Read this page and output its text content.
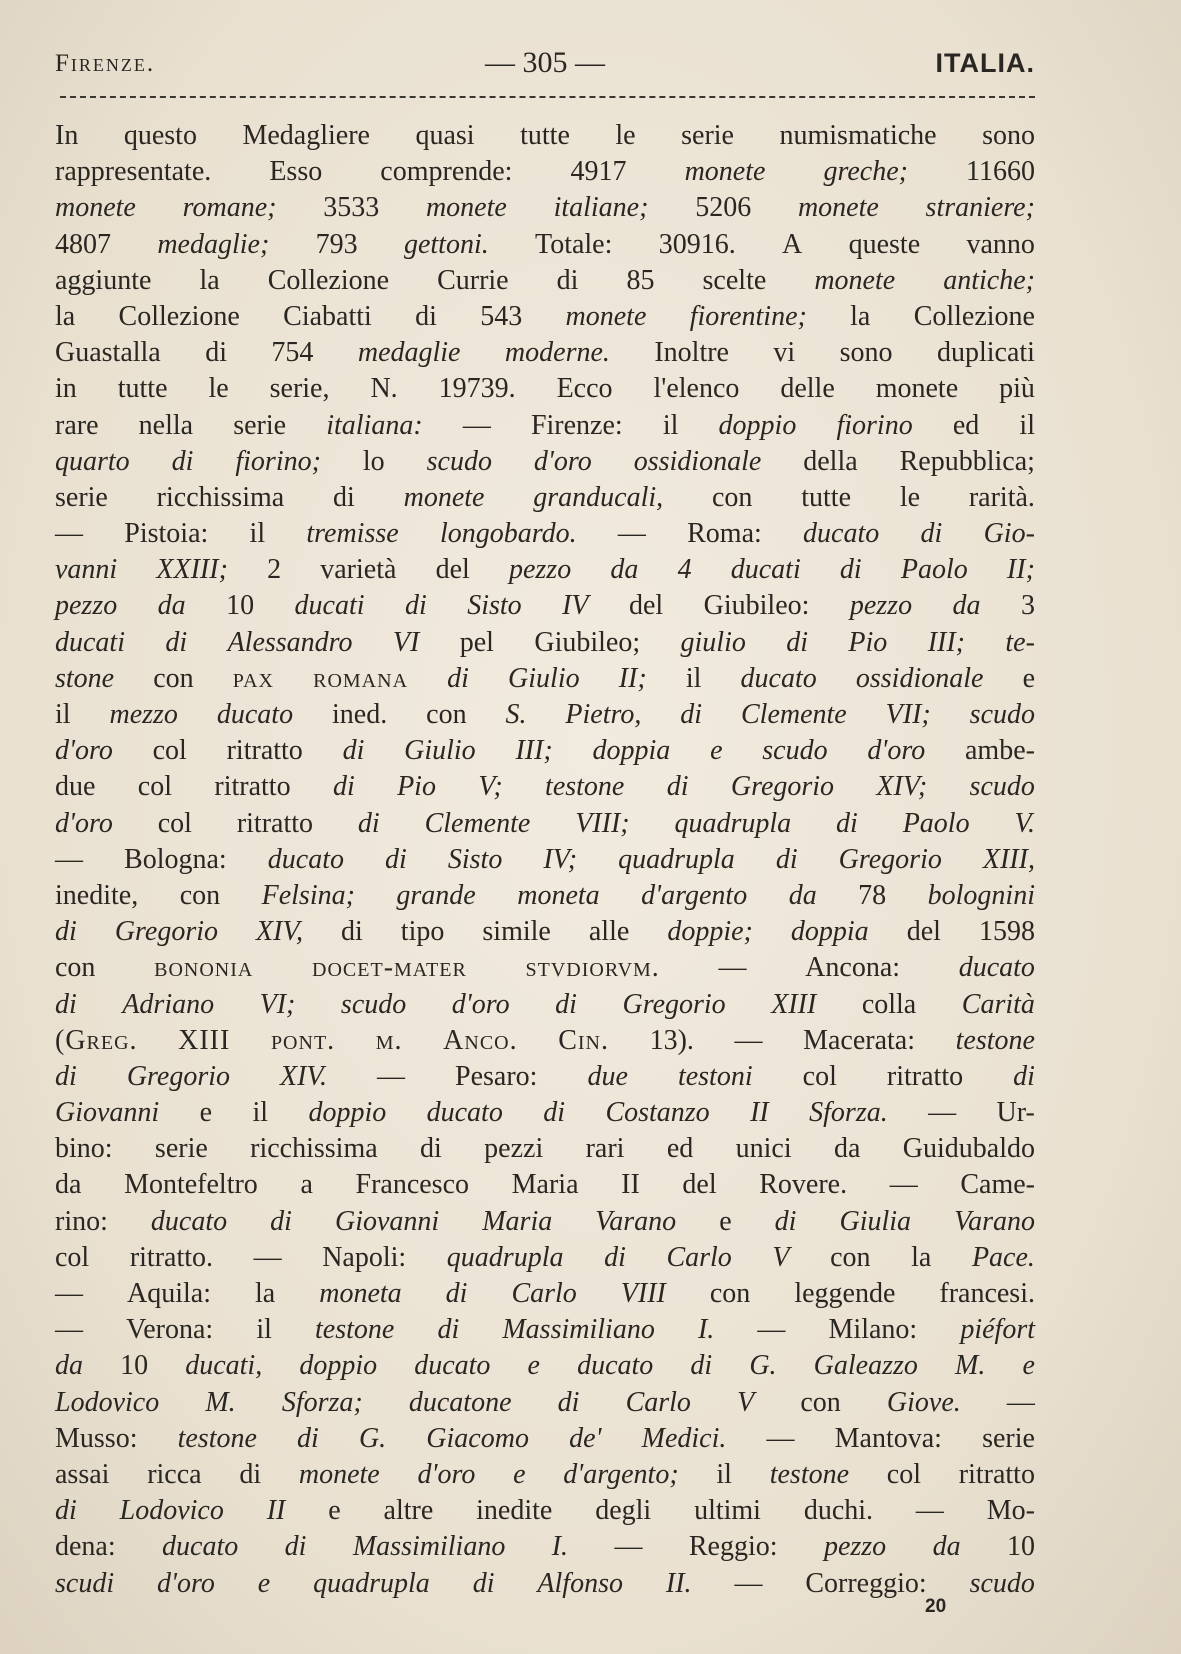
Firenze.	— 305 —	ITALIA.
In questo Medagliere quasi tutte le serie numismatiche sono
rappresentate. Esso comprende: 4917 monete greche; 11660
monete romane; 3533 monete italiane; 5206 monete straniere;
4807 medaglie; 793 gettoni. Totale: 30916. A queste vanno
aggiunte la Collezione Currie di 85 scelte monete antiche;
la Collezione Ciabatti di 543 monete fiorentine; la Collezione
Guastalla di 754 medaglie moderne. Inoltre vi sono duplicati
in tutte le serie, N. 19739. Ecco l'elenco delle monete più
rare nella serie italiana: — Firenze: il doppio fiorino ed il
quarto di fiorino; lo scudo d'oro ossidionale della Repubblica;
serie ricchissima di monete granducali, con tutte le rarità.
— Pistoia: il tremisse longobardo. — Roma: ducato di Gio-
vanni XXIII; 2 varietà del pezzo da 4 ducati di Paolo II;
pezzo da 10 ducati di Sisto IV del Giubileo: pezzo da 3
ducati di Alessandro VI pel Giubileo; giulio di Pio III; te-
stone con pax romana di Giulio II; il ducato ossidionale e
il mezzo ducato ined. con S. Pietro, di Clemente VII; scudo
d'oro col ritratto di Giulio III; doppia e scudo d'oro ambe-
due col ritratto di Pio V; testone di Gregorio XIV; scudo
d'oro col ritratto di Clemente VIII; quadrupla di Paolo V.
— Bologna: ducato di Sisto IV; quadrupla di Gregorio XIII,
inedite, con Felsina; grande moneta d'argento da 78 bolognini
di Gregorio XIV, di tipo simile alle doppie; doppia del 1598
con bononia docet-mater stvdiorvm. — Ancona: ducato
di Adriano VI; scudo d'oro di Gregorio XIII colla Carità
(Greg. XIII pont. m. Anco. Cin. 13). — Macerata: testone
di Gregorio XIV. — Pesaro: due testoni col ritratto di
Giovanni e il doppio ducato di Costanzo II Sforza. — Ur-
bino: serie ricchissima di pezzi rari ed unici da Guidubaldo
da Montefeltro a Francesco Maria II del Rovere. — Came-
rino: ducato di Giovanni Maria Varano e di Giulia Varano
col ritratto. — Napoli: quadrupla di Carlo V con la Pace.
— Aquila: la moneta di Carlo VIII con leggende francesi.
— Verona: il testone di Massimiliano I. — Milano: piéfort
da 10 ducati, doppio ducato e ducato di G. Galeazzo M. e
Lodovico M. Sforza; ducatone di Carlo V con Giove. —
Musso: testone di G. Giacomo de' Medici. — Mantova: serie
assai ricca di monete d'oro e d'argento; il testone col ritratto
di Lodovico II e altre inedite degli ultimi duchi. — Mo-
dena: ducato di Massimiliano I. — Reggio: pezzo da 10
scudi d'oro e quadrupla di Alfonso II. — Correggio: scudo
20
